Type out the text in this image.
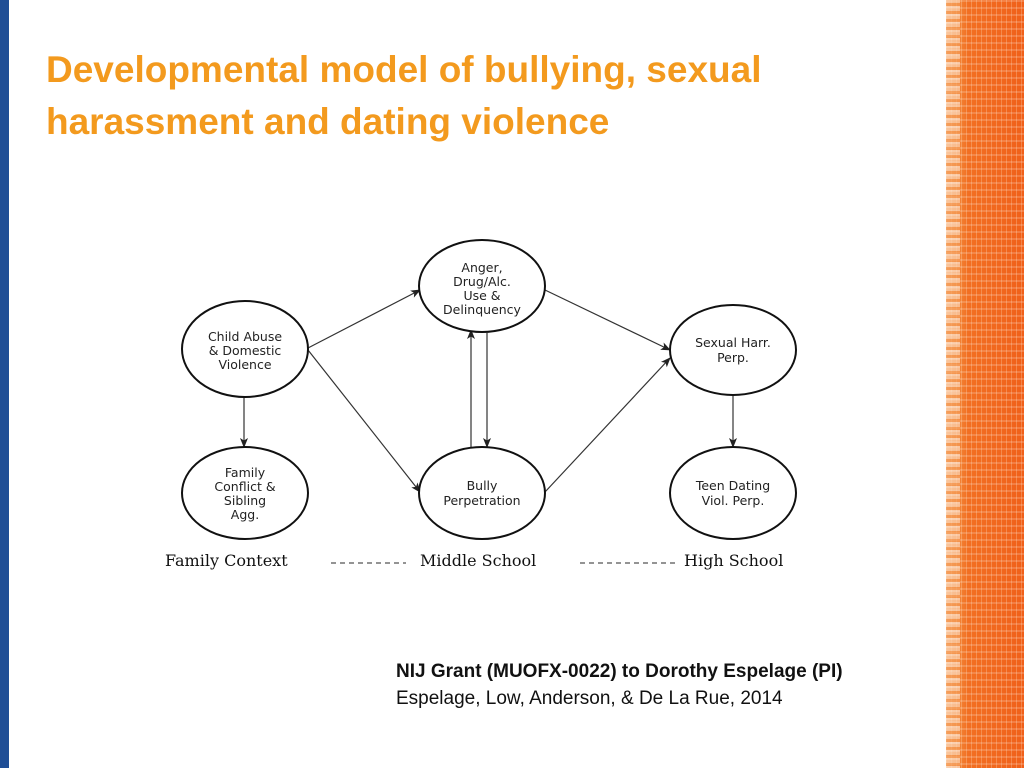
Developmental model of bullying, sexual
harassment and dating violence
Child Abuse
& Domestic
Violence
Anger,
Drug/Alc.
Use &
Delinquency
Sexual Harr.
Perp.
Family
Conflict &
Sibling
Agg.
Bully
Perpetration
Teen Dating
Viol. Perp.
Family Context	Middle School	High School
NIJ Grant (MUOFX-0022) to Dorothy Espelage (PI)
Espelage, Low, Anderson, & De La Rue, 2014
